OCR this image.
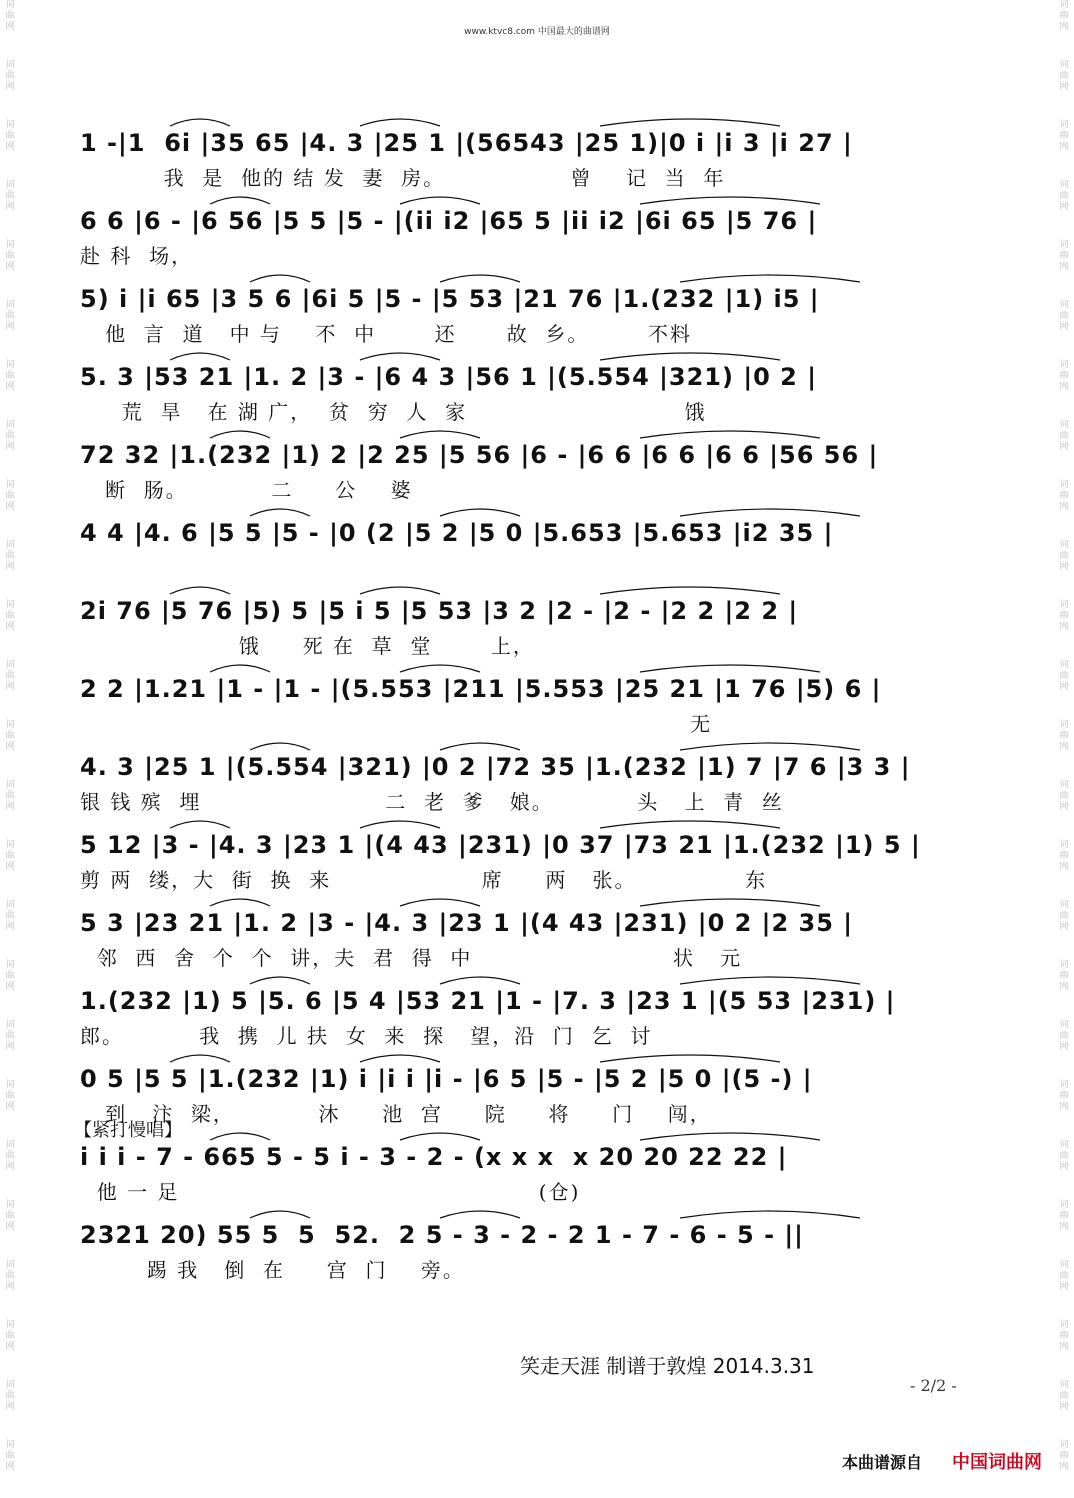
词
曲
网
词
曲
网
词
曲
网
词
曲
网
词
曲
网
词
曲
网
词
曲
网
词
曲
网
词
曲
网
词
曲
网
词
曲
网
词
曲
网
词
曲
网
词
曲
网
词
曲
网
词
曲
网
词
曲
网
词
曲
网
词
曲
网
词
曲
网
词
曲
网
词
曲
网
词
曲
网
词
曲
网
词
曲
网
词
曲
网
词
曲
网
词
曲
网
词
曲
网
词
曲
网
词
曲
网
词
曲
网
词
曲
网
词
曲
网
词
曲
网
词
曲
网
词
曲
网
词
曲
网
词
曲
网
词
曲
网
词
曲
网
词
曲
网
词
曲
网
词
曲
网
词
曲
网
词
曲
网
词
曲
网
词
曲
网
词
曲
网
词
曲
网
www.ktvc8.com 中国最大的曲谱网
1 -|1  6i |35 65 |4. 3 |25 1 |(56543 |25 1)|0 i |i 3 |i 27 |
我  是  他的 结 发  妻  房。               曾    记  当  年
6 6 |6 - |6 56 |5 5 |5 - |(ii i2 |65 5 |ii i2 |6i 65 |5 76 |
赴 科  场，
5) i |i 65 |3 5 6 |6i 5 |5 - |5 53 |21 76 |1.(232 |1) i5 |
他  言  道   中 与    不  中       还      故  乡。       不料
5. 3 |53 21 |1. 2 |3 - |6 4 3 |56 1 |(5.554 |321) |0 2 |
荒  旱   在 湖 广，  贫  穷  人  家                          饿
72 32 |1.(232 |1) 2 |2 25 |5 56 |6 - |6 6 |6 6 |6 6 |56 56 |
断  肠。          二     公    婆
4 4 |4. 6 |5 5 |5 - |0 (2 |5 2 |5 0 |5.653 |5.653 |i2 35 |
2i 76 |5 76 |5) 5 |5 i 5 |5 53 |3 2 |2 - |2 - |2 2 |2 2 |
饿     死 在  草  堂       上，
2 2 |1.21 |1 - |1 - |(5.553 |211 |5.553 |25 21 |1 76 |5) 6 |
无
4. 3 |25 1 |(5.554 |321) |0 2 |72 35 |1.(232 |1) 7 |7 6 |3 3 |
银 钱 殡  埋                      二  老  爹   娘。          头   上  青  丝
5 12 |3 - |4. 3 |23 1 |(4 43 |231) |0 37 |73 21 |1.(232 |1) 5 |
剪 两  缕，大  街  换  来                  席     两   张。             东
5 3 |23 21 |1. 2 |3 - |4. 3 |23 1 |(4 43 |231) |0 2 |2 35 |
邻  西  舍  个  个  讲，夫  君  得  中                        状   元
1.(232 |1) 5 |5. 6 |5 4 |53 21 |1 - |7. 3 |23 1 |(5 53 |231) |
郎。         我  携  儿 扶  女  来  探   望，沿  门  乞  讨
0 5 |5 5 |1.(232 |1) i |i i |i - |6 5 |5 - |5 2 |5 0 |(5 -) |
到   汴  梁，          沐     池  宫     院     将     门    闯，
【紧打慢唱】
i i i - 7 - 665 5 - 5 i - 3 - 2 - (x x x  x 20 20 22 22 |
他 一 足                                           (仓)
2321 20) 55 5  5  52.  2 5 - 3 - 2 - 2 1 - 7 - 6 - 5 - ||
踢 我   倒  在     宫  门    旁。
笑走天涯 制谱于敦煌 2014.3.31
- 2/2 -
本曲谱源自 中国词曲网
